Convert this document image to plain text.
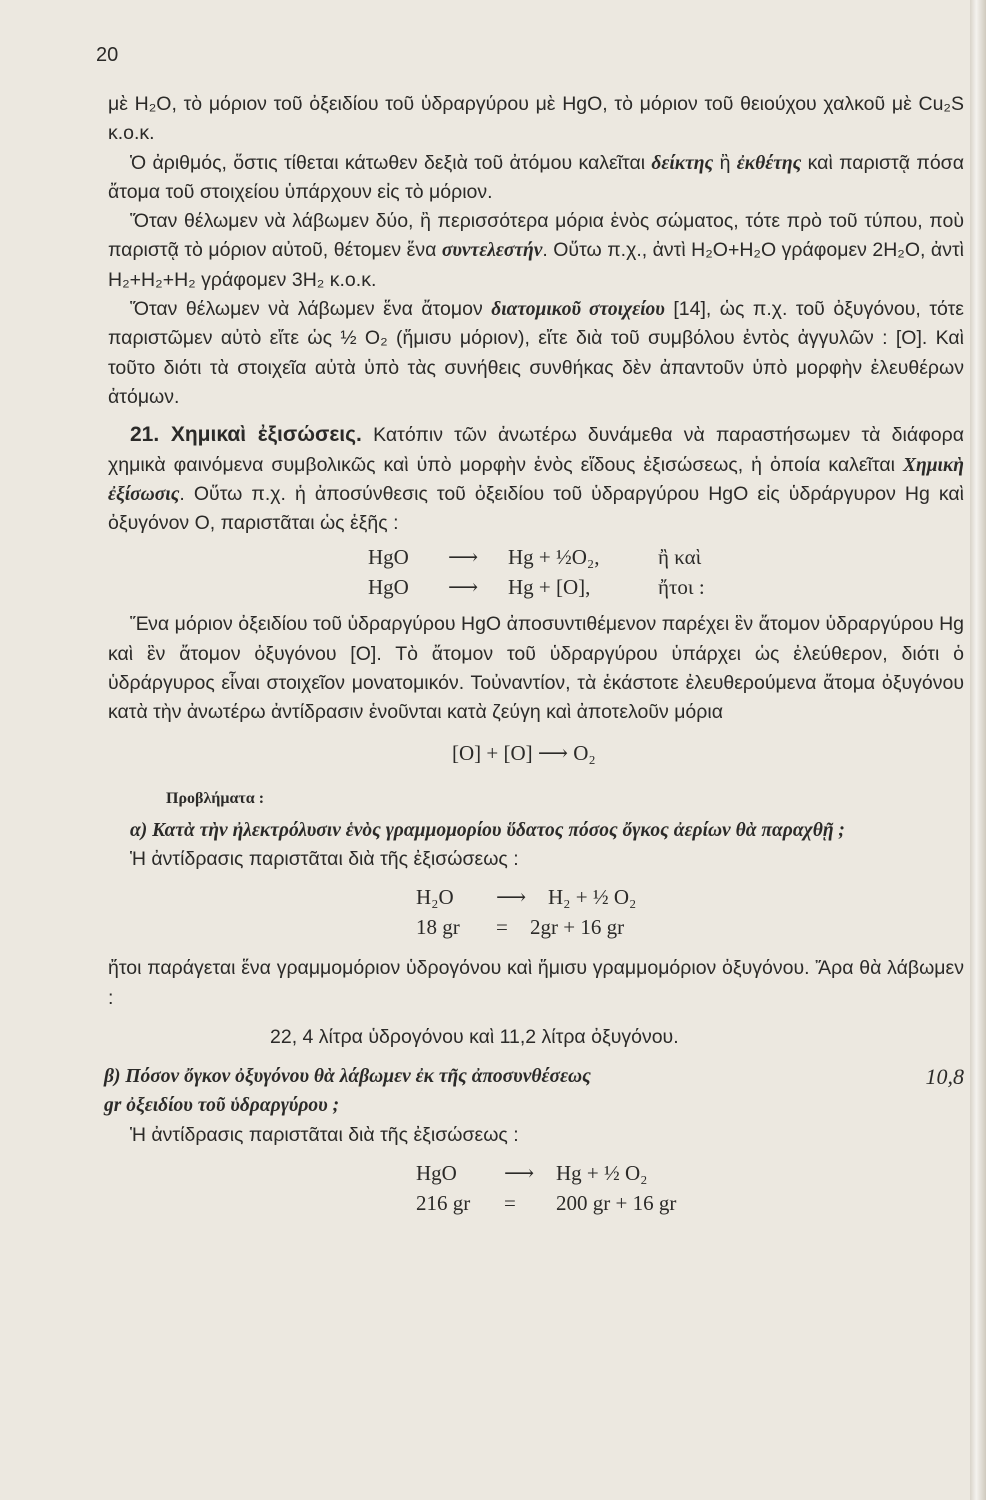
20

μὲ H₂O, τὸ μόριον τοῦ ὀξειδίου τοῦ ὑδραργύρου μὲ HgO, τὸ μόριον τοῦ θειούχου χαλκοῦ μὲ Cu₂S κ.ο.κ.

Ὁ ἀριθμός, ὅστις τίθεται κάτωθεν δεξιὰ τοῦ ἀτόμου καλεῖται δείκτης ἢ ἐκθέτης καὶ παριστᾷ πόσα ἄτομα τοῦ στοιχείου ὑπάρχουν εἰς τὸ μόριον.

Ὅταν θέλωμεν νὰ λάβωμεν δύο, ἢ περισσότερα μόρια ἑνὸς σώματος, τότε πρὸ τοῦ τύπου, ποὺ παριστᾷ τὸ μόριον αὐτοῦ, θέτομεν ἕνα συντελεστήν. Οὕτω π.χ., ἀντὶ H₂O+H₂O γράφομεν 2H₂O, ἀντὶ H₂+H₂+H₂ γράφομεν 3H₂ κ.ο.κ.

Ὅταν θέλωμεν νὰ λάβωμεν ἕνα ἄτομον διατομικοῦ στοιχείου [14], ὡς π.χ. τοῦ ὀξυγόνου, τότε παριστῶμεν αὐτὸ εἴτε ὡς ½ O₂ (ἥμισυ μόριον), εἴτε διὰ τοῦ συμβόλου ἐντὸς ἀγγυλῶν : [O]. Καὶ τοῦτο διότι τὰ στοιχεῖα αὐτὰ ὑπὸ τὰς συνήθεις συνθήκας δὲν ἀπαντοῦν ὑπὸ μορφὴν ἐλευθέρων ἀτόμων.

21. Χημικαὶ ἐξισώσεις. Κατόπιν τῶν ἀνωτέρω δυνάμεθα νὰ παραστήσωμεν τὰ διάφορα χημικὰ φαινόμενα συμβολικῶς καὶ ὑπὸ μορφὴν ἑνὸς εἴδους ἐξισώσεως, ἡ ὁποία καλεῖται Χημικὴ ἐξίσωσις. Οὕτω π.χ. ἡ ἀποσύνθεσις τοῦ ὀξειδίου τοῦ ὑδραργύρου HgO εἰς ὑδράργυρον Hg καὶ ὀξυγόνον O, παριστᾶται ὡς ἑξῆς :

HgO ⟶ Hg + ½O₂,	ἢ καὶ
HgO ⟶ Hg + [O],	ἤτοι :

Ἕνα μόριον ὀξειδίου τοῦ ὑδραργύρου HgO ἀποσυντιθέμενον παρέχει ἓν ἄτομον ὑδραργύρου Hg καὶ ἓν ἄτομον ὀξυγόνου [O]. Τὸ ἄτομον τοῦ ὑδραργύρου ὑπάρχει ὡς ἐλεύθερον, διότι ὁ ὑδράργυρος εἶναι στοιχεῖον μονατομικόν. Τοὐναντίον, τὰ ἑκάστοτε ἐλευθερούμενα ἄτομα ὀξυγόνου κατὰ τὴν ἀνωτέρω ἀντίδρασιν ἑνοῦνται κατὰ ζεύγη καὶ ἀποτελοῦν μόρια

[O] + [O] ⟶ O₂
Προβλήματα :

α) Κατὰ τὴν ἠλεκτρόλυσιν ἑνὸς γραμμομορίου ὕδατος πόσος ὄγκος ἀερίων θὰ παραχθῇ ;

Ἡ ἀντίδρασις παριστᾶται διὰ τῆς ἐξισώσεως :

H₂O ⟶ H₂ + ½ O₂
18 gr = 2gr + 16 gr

ἤτοι παράγεται ἕνα γραμμομόριον ὑδρογόνου καὶ ἥμισυ γραμμομόριον ὀξυγόνου. Ἄρα θὰ λάβωμεν :

22, 4 λίτρα ὑδρογόνου καὶ 11,2 λίτρα ὀξυγόνου.

β) Πόσον ὄγκον ὀξυγόνου θὰ λάβωμεν ἐκ τῆς ἀποσυνθέσεως	10,8

gr ὀξειδίου τοῦ ὑδραργύρου ;

Ἡ ἀντίδρασις παριστᾶται διὰ τῆς ἐξισώσεως :

HgO ⟶ Hg + ½ O₂
216 gr = 200 gr + 16 gr
